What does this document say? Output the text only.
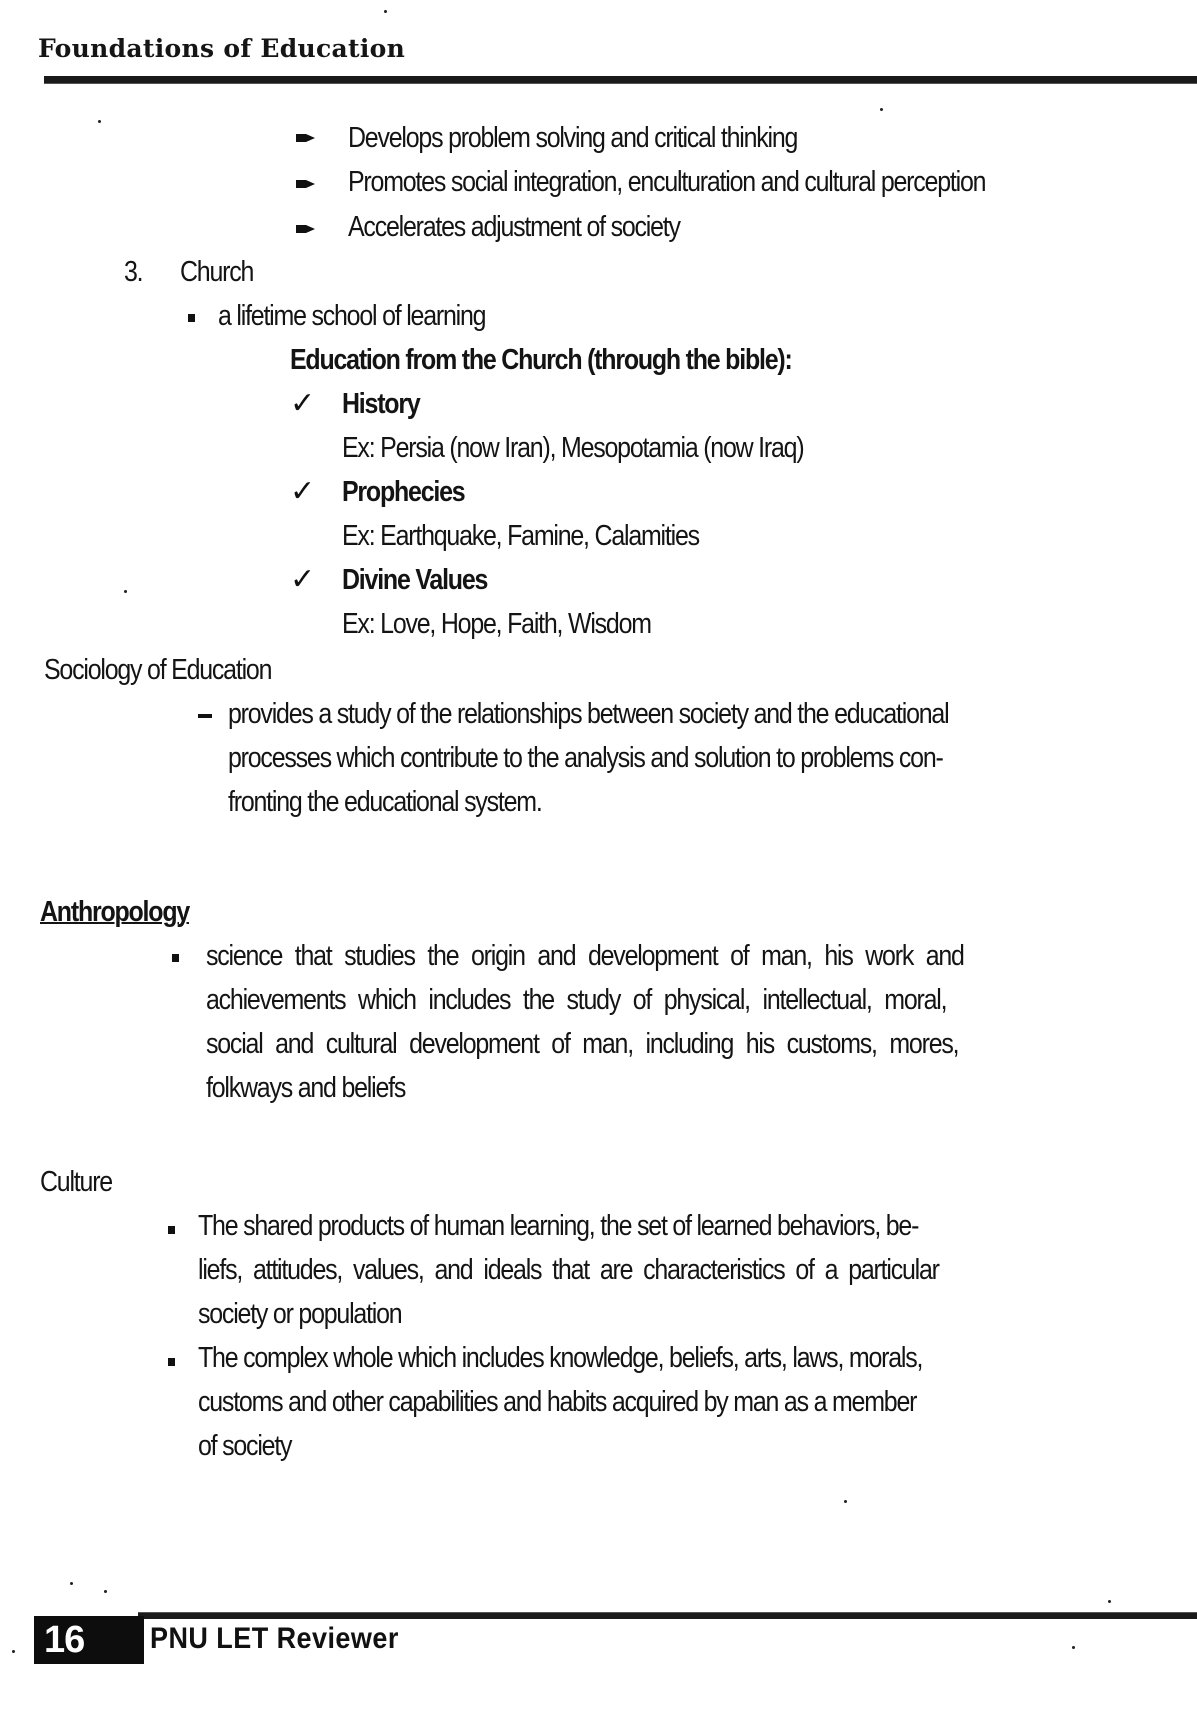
Foundations of Education
Develops problem solving and critical thinking
Promotes social integration, enculturation and cultural perception
Accelerates adjustment of society
3. Church
a lifetime school of learning
Education from the Church (through the bible):
✓ History
Ex: Persia (now Iran), Mesopotamia (now Iraq)
✓ Prophecies
Ex: Earthquake, Famine, Calamities
✓ Divine Values
Ex: Love, Hope, Faith, Wisdom
Sociology of Education
provides a study of the relationships between society and the educational
processes which contribute to the analysis and solution to problems con-
fronting the educational system.
Anthropology
science that studies the origin and development of man, his work and
achievements which includes the study of physical, intellectual, moral,
social and cultural development of man, including his customs, mores,
folkways and beliefs
Culture
The shared products of human learning, the set of learned behaviors, be-
liefs, attitudes, values, and ideals that are characteristics of a particular
society or population
The complex whole which includes knowledge, beliefs, arts, laws, morals,
customs and other capabilities and habits acquired by man as a member
of society
16	PNU LET Reviewer
